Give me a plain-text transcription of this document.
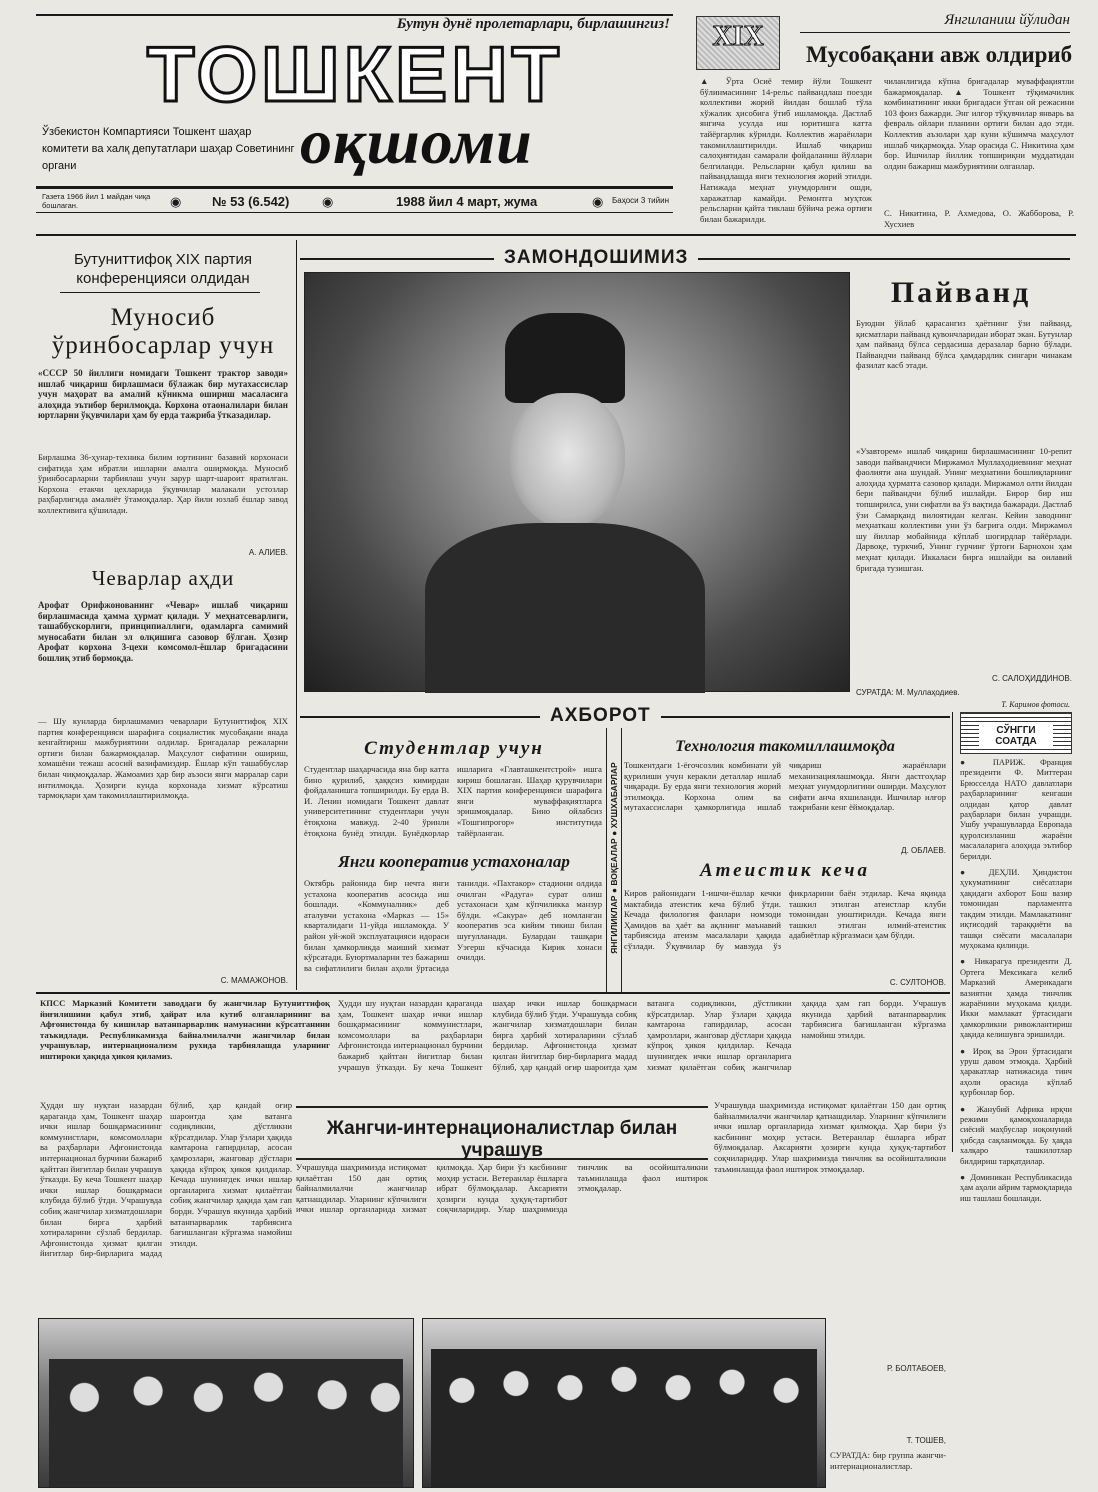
Бутун дунё пролетарлари, бирлашингиз!
ТОШКЕНТ
оқшоми
Ўзбекистон Компартияси Тошкент шаҳар комитети ва халқ депутатлари шаҳар Советининг органи
Газета 1966 йил 1 майдан чиқа бошлаган.	◉ № 53 (6.542)	◉	1988 йил 4 март, жума	◉ Баҳоси 3 тийин
XIX
Янгиланиш йўлидан
Мусобақани авж олдириб
▲ Ўрта Осиё темир йўли Тошкент бўлинмасининг 14-рельс пайвандлаш поезди коллективи жорий йилдан бошлаб тўла хўжалик ҳисобига ўтиб ишламоқда. Дастлаб янгича усулда иш юритишга катта тайёргарлик кўрилди. Коллектив жараёнлари такомиллаштирилди. Ишлаб чиқариш салоҳиятидан самарали фойдаланиш йўллари белгиланди. Рельсларни қабул қилиш ва пайвандлашда янги технология жорий этилди. Натижада меҳнат унумдорлиги ошди, харажатлар камайди. Ремонтга муҳтож рельсларни қайта тиклаш бўйича режа ортиғи билан бажарилди.
чиланлигида кўпна бригадалар муваффақиятли бажармоқдалар. ▲ Тошкент тўқимачилик комбинатининг икки бригадаси ўтган ой режасини 103 фоиз бажарди. Энг илғор тўқувчилар январь ва февраль ойлари планини ортиғи билан адо этди. Коллектив аъзолари ҳар куни кўшимча маҳсулот ишлаб чиқармоқда. Улар орасида С. Никитина ҳам бор. Ишчилар йиллик топшириқни муддатидан олдин бажариш мажбуриятини олганлар.
С. Никитина, Р. Ахмедова, О. Жабборова, Р. Хусхиев
Бутуниттифоқ XIX партия
конференцияси олдидан
Муносиб
ўринбосарлар учун
«СССР 50 йиллиги номидаги Тошкент трактор заводи» ишлаб чиқариш бирлашмаси бўлажак бир мутахассислар учун маҳорат ва амалий кўникма ошириш масаласига алоҳида эътибор берилмоқда. Корхона отаоналилари билан юртларни ўқувчилари ҳам бу ерда тажриба ўтказадилар.
Бирлашма 36-ҳунар-техника билим юртининг базавий корхонаси сифатида ҳам ибратли ишларни амалга оширмоқда. Муносиб ўринбосарларни тарбиялаш учун зарур шарт-шароит яратилган. Корхона етакчи цехларида ўқувчилар малакали устозлар раҳбарлигида амалиёт ўтамоқдалар. Ҳар йили юзлаб ёшлар завод коллективига қўшилади.
А. АЛИЕВ.
Чеварлар аҳди
Арофат Орифжонованинг «Чевар» ишлаб чиқариш бирлашмасида ҳамма ҳурмат қилади. У меҳнатсеварлиги, ташаббускорлиги, принципиаллиги, одамларга самимий муносабати билан эл олқишига сазовор бўлган. Ҳозир Арофат корхона 3-цехи комсомол-ёшлар бригадасини бошлиқ этиб бормоқда.
— Шу кунларда бирлашмамиз чеварлари Бутуниттифоқ XIX партия конференцияси шарафига социалистик мусобақани янада кенгайтириш мажбуриятини олдилар. Бригадалар режаларни ортиғи билан бажармоқдалар. Маҳсулот сифатини ошириш, хомашёни тежаш асосий вазифамиздир. Ёшлар кўп ташаббуслар билан чиқмоқдалар. Жамоамиз ҳар бир аъзоси янги марралар сари интилмоқда. Ҳозирги кунда корхонада хизмат кўрсатиш тармоқлари ҳам такомиллаштирилмоқда.
С. МАМАЖОНОВ.
ЗАМОНДОШИМИЗ
Пайванд
Буюдни ўйлаб қарасангиз ҳаётнинг ўзи пайванд, қисматлари пайванд қувончларидан иборат экан. Бутунлар ҳам пайванд бўлса сердасиша деразалар барно бўлади. Пайвандчи пайванд бўлса ҳамдардлик сингари чинакам фазилат касб этади.
«Узавторем» ишлаб чиқариш бирлашмасининг 10-репит заводи пайвандчиси Миржамол Муллаҳодиевнинг меҳнат фаолияти ана шундай. Унинг меҳнатини бошлиқларнинг алоҳида ҳурматга сазовор қилади. Миржамол олти йилдан бери пайвандчи бўлиб ишлайди. Бирор бир иш топширилса, уни сифатли ва ўз вақтида бажаради. Дастлаб ўзи Самарқанд вилоятидан келган. Кейин заводнинг меҳнаткаш коллективи уни ўз бағрига олди. Миржамол шу йиллар мобайнида кўплаб шогирдлар тайёрлади. Дарвоқе, туркчиб, Унинг гурчинг ўртоғи Барнохон ҳам меҳнат қилади. Иккаласи бирга ишлайди ва оилавий бригада тузишган.
С. САЛОҲИДДИНОВ.
СУРАТДА: М. Муллаҳодиев.
Т. Каримов фотоси.
АХБОРОТ
Студентлар учун
Студентлар шаҳарчасида яна бир катта бино қурилиб, ҳаққсиз кимирдан фойдаланишга топширилди. Бу ерда В. И. Ленин номидаги Тошкент давлат университетининг студентлари учун ётоқхона мавжуд. 2-40 ўринли ётоқхона бунёд этилди. Бунёдкорлар ишларига «Главташкентстрой» ишга кириш бошлаган. Шаҳар қурувчилари XIX партия конференцияси шарафига янги муваффақиятларга эришмоқдалар. Бино ойлабсиз «Тошгипрогор» институтида тайёрланган.
Янги кооператив устахоналар
Октябрь районида бир нечта янги устахона кооператив асосида иш бошлади. «Коммуналник» деб аталувчи устахона «Марказ — 15» кварталидаги 11-уйда ишламоқда. У район уй-жой эксплуатацияси идораси билан ҳамкорликда маиший хизмат кўрсатади. Буюртмаларни тез бажариш ва сифатлилиги билан аҳоли ўртасида танилди. «Пахтакор» стадиони олдида очилган «Радуга» сурат олиш устахонаси ҳам кўпчиликка манзур бўлди. «Сакура» деб номланган кооператив эса кийим тикиш билан шуғулланади. Булардан ташқари Уэгерш кўчасида Кирик хонаси очилди.
ЯНГИЛИКЛАР ● ВОҚЕАЛАР ● ХУШХАБАРЛАР
Технология такомиллашмоқда
Тошкентдаги 1-ёғочсозлик комбинати уй қурилиши учун керакли деталлар ишлаб чиқаради. Бу ерда янги технология жорий этилмоқда. Корхона олим ва мутахассислари ҳамкорлигида ишлаб чиқариш жараёнлари механизациялашмоқда. Янги дастгоҳлар меҳнат унумдорлигини оширди. Маҳсулот сифати анча яхшиланди. Ишчилар илғор тажрибани кенг ёймоқдалар.
Д. ОБЛАЕВ.
Атеистик кеча
Киров районидаги 1-ишчи-ёшлар кечки мактабида атеистик кеча бўлиб ўтди. Кечада филология фанлари номзоди Ҳамидов ва ҳаёт ва ақлнинг маънавий тарбиясида атеизм масалалари ҳақида сўзлади. Ўқувчилар бу мавзуда ўз фикрларини баён этдилар. Кеча яқинда ташкил этилган атеистлар клуби томонидан уюштирилди. Кечада янги ташкил этилган илмий-атеистик адабиётлар кўргазмаси ҳам бўлди.
С. СУЛТОНОВ.
СЎНГГИ СОАТДА
● ПАРИЖ. Франция президенти Ф. Миттеран Брюсселда НАТО давлатлари раҳбарларининг кенгаши олдидан қатор давлат раҳбарлари билан учрашди. Ушбу учрашувларда Европада қуролсизланиш жараёни масалаларига алоҳида эътибор берилди.
● ДЕҲЛИ. Ҳиндистон ҳукуматининг сиёсатлари ҳақидаги ахборот Бош вазир томонидан парламентга такдим этилди. Мамлакатнинг иқтисодий тараққиёти ва ташқи сиёсати масалалари муҳокама қилинди.
● Никарагуа президенти Д. Ортега Мексикага келиб Марказий Америкадаги вазиятни ҳамда тинчлик жараёнини муҳокама қилди. Икки мамлакат ўртасидаги ҳамкорликни ривожлантириш ҳақида келишувга эришилди.
● Ироқ ва Эрон ўртасидаги уруш давом этмоқда. Ҳарбий ҳаракатлар натижасида тинч аҳоли орасида кўплаб қурбонлар бор.
● Жанубий Африка ирқчи режими қамоқхоналарида сиёсий маҳбуслар ноқонуний ҳибсда сақланмоқда. Бу ҳақда халқаро ташкилотлар билдириш тарқатдилар.
● Доминикан Республикасида ҳам аҳоли айрим тармоқларида иш ташлаш бошланди.
КПСС Марказий Комитети заводдаги бу жангчилар Бутуниттифоқ йиғилишини қабул этиб, ҳайрат ила кутиб олганларининг ва Афғонистонда бу кишилар ватанпарварлик намунасини кўрсатганини таъкидлади. Республикамизда байналмилалчи жангчилар билан учрашувлар, интернационализм рухида тарбиялашда уларнинг иштироки ҳақида ҳикоя қиламиз.
Ҳудди шу нуқтаи назардан қараганда ҳам, Тошкент шаҳар ички ишлар бошқармасининг коммунистлари, комсомоллари ва раҳбарлари Афғонистонда интернационал бурчини бажариб қайтган йигитлар билан учрашув ўтказди. Бу кеча Тошкент шаҳар ички ишлар бошқармаси клубида бўлиб ўтди. Учрашувда собиқ жангчилар хизматдошлари билан бирга ҳарбий хотираларини сўзлаб бердилар. Афғонистонда ҳизмат қилган йигитлар бир-бирларига мадад бўлиб, ҳар қандай оғир шароитда ҳам ватанга содиқликни, дўстликни кўрсатдилар. Улар ўзлари ҳақида камтарона гапирдилар, асосан ҳамрозлари, жанговар дўстлари ҳақида кўпроқ ҳикоя қилдилар. Кечада шунингдек ички ишлар органларига хизмат қилаётган собиқ жангчилар ҳақида ҳам гап борди. Учрашув якунида ҳарбий ватанпарварлик тарбиясига бағишланган кўргазма намойиш этилди.
Ҳудди шу нуқтаи назардан қараганда ҳам, Тошкент шаҳар ички ишлар бошқармасининг коммунистлари, комсомоллари ва раҳбарлари Афғонистонда интернационал бурчини бажариб қайтган йигитлар билан учрашув ўтказди. Бу кеча Тошкент шаҳар ички ишлар бошқармаси клубида бўлиб ўтди. Учрашувда собиқ жангчилар хизматдошлари билан бирга ҳарбий хотираларини сўзлаб бердилар. Афғонистонда ҳизмат қилган йигитлар бир-бирларига мадад бўлиб, ҳар қандай оғир шароитда ҳам ватанга содиқликни, дўстликни кўрсатдилар. Улар ўзлари ҳақида камтарона гапирдилар, асосан ҳамрозлари, жанговар дўстлари ҳақида кўпроқ ҳикоя қилдилар. Кечада шунингдек ички ишлар органларига хизмат қилаётган собиқ жангчилар ҳақида ҳам гап борди. Учрашув якунида ҳарбий ватанпарварлик тарбиясига бағишланган кўргазма намойиш этилди.
Жангчи-интернационалистлар билан учрашув
Учрашувда шаҳримизда истиқомат қилаётган 150 дан ортиқ байналмилалчи жангчилар қатнашдилар. Уларнинг кўпчилиги ички ишлар органларида хизмат қилмоқда. Ҳар бири ўз касбининг моҳир устаси. Ветеранлар ёшларга ибрат бўлмоқдалар. Аксарияти ҳозирги кунда ҳуқуқ-тартибот соқчиларидир. Улар шаҳримизда тинчлик ва осойишталикни таъминлашда фаол иштирок этмоқдалар.
Учрашувда шаҳримизда истиқомат қилаётган 150 дан ортиқ байналмилалчи жангчилар қатнашдилар. Уларнинг кўпчилиги ички ишлар органларида хизмат қилмоқда. Ҳар бири ўз касбининг моҳир устаси. Ветеранлар ёшларга ибрат бўлмоқдалар. Аксарияти ҳозирги кунда ҳуқуқ-тартибот соқчиларидир. Улар шаҳримизда тинчлик ва осойишталикни таъминлашда фаол иштирок этмоқдалар.
Р. БОЛТАБОЕВ,
Т. ТОШЕВ,
СУРАТДА: бир группа жангчи-интернационалистлар.
